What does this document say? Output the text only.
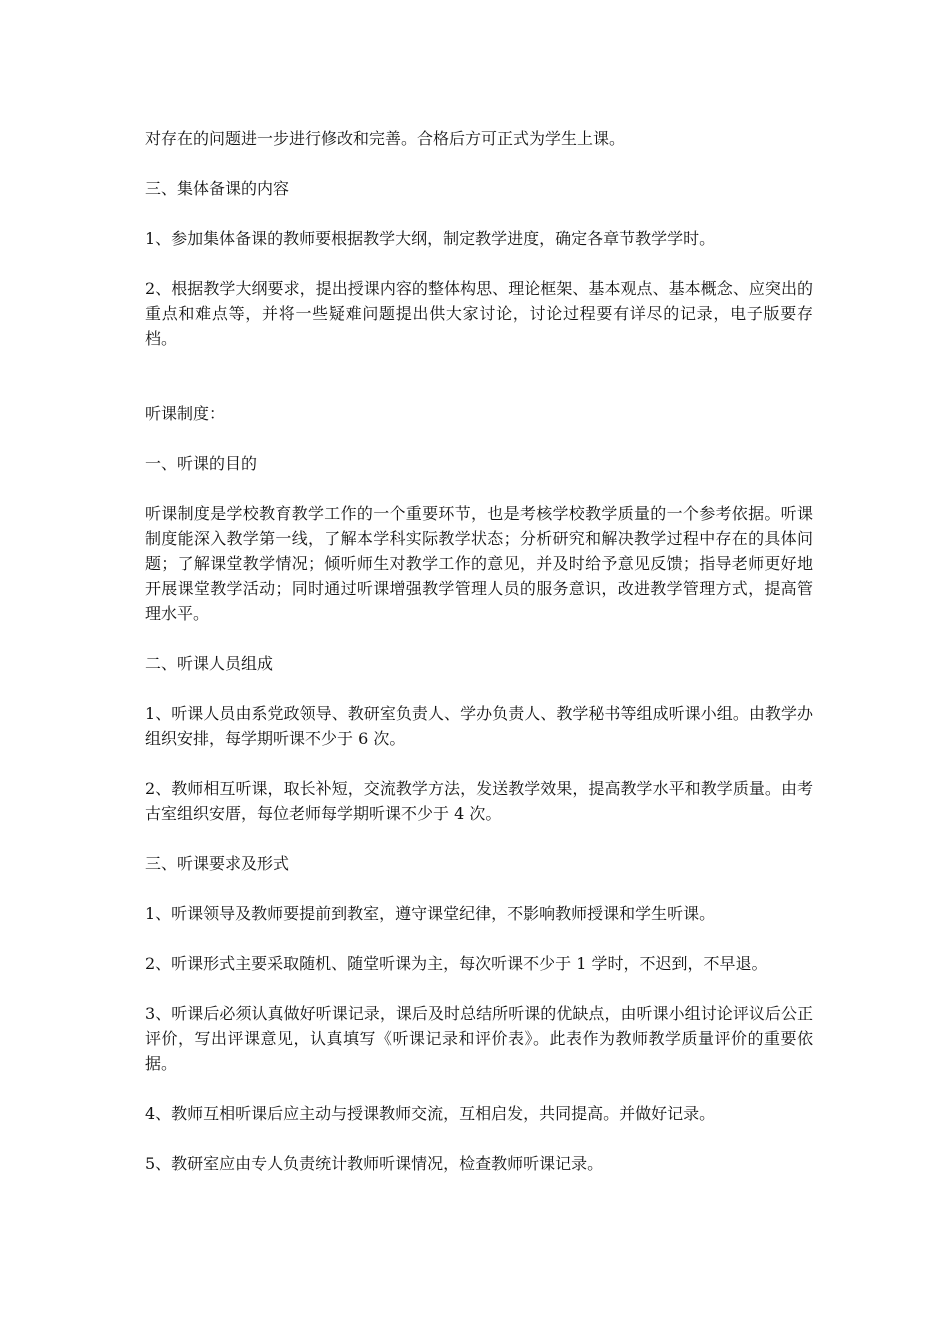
对存在的问题进一步进行修改和完善。合格后方可正式为学生上课。

三、集体备课的内容

1、参加集体备课的教师要根据教学大纲，制定教学进度，确定各章节教学学时。

2、根据教学大纲要求，提出授课内容的整体构思、理论框架、基本观点、基本概念、应突出的重点和难点等，并将一些疑难问题提出供大家讨论，讨论过程要有详尽的记录，电子版要存档。

听课制度：

一、听课的目的

听课制度是学校教育教学工作的一个重要环节，也是考核学校教学质量的一个参考依据。听课制度能深入教学第一线，了解本学科实际教学状态；分析研究和解决教学过程中存在的具体问题；了解课堂教学情况；倾听师生对教学工作的意见，并及时给予意见反馈；指导老师更好地开展课堂教学活动；同时通过听课增强教学管理人员的服务意识，改进教学管理方式，提高管理水平。

二、听课人员组成

1、听课人员由系党政领导、教研室负责人、学办负责人、教学秘书等组成听课小组。由教学办组织安排，每学期听课不少于 6 次。

2、教师相互听课，取长补短，交流教学方法，发送教学效果，提高教学水平和教学质量。由考古室组织安厝，每位老师每学期听课不少于 4 次。

三、听课要求及形式

1、听课领导及教师要提前到教室，遵守课堂纪律，不影响教师授课和学生听课。

2、听课形式主要采取随机、随堂听课为主，每次听课不少于 1 学时，不迟到，不早退。

3、听课后必须认真做好听课记录，课后及时总结所听课的优缺点，由听课小组讨论评议后公正评价，写出评课意见，认真填写《听课记录和评价表》。此表作为教师教学质量评价的重要依据。

4、教师互相听课后应主动与授课教师交流，互相启发，共同提高。并做好记录。

5、教研室应由专人负责统计教师听课情况，检查教师听课记录。
